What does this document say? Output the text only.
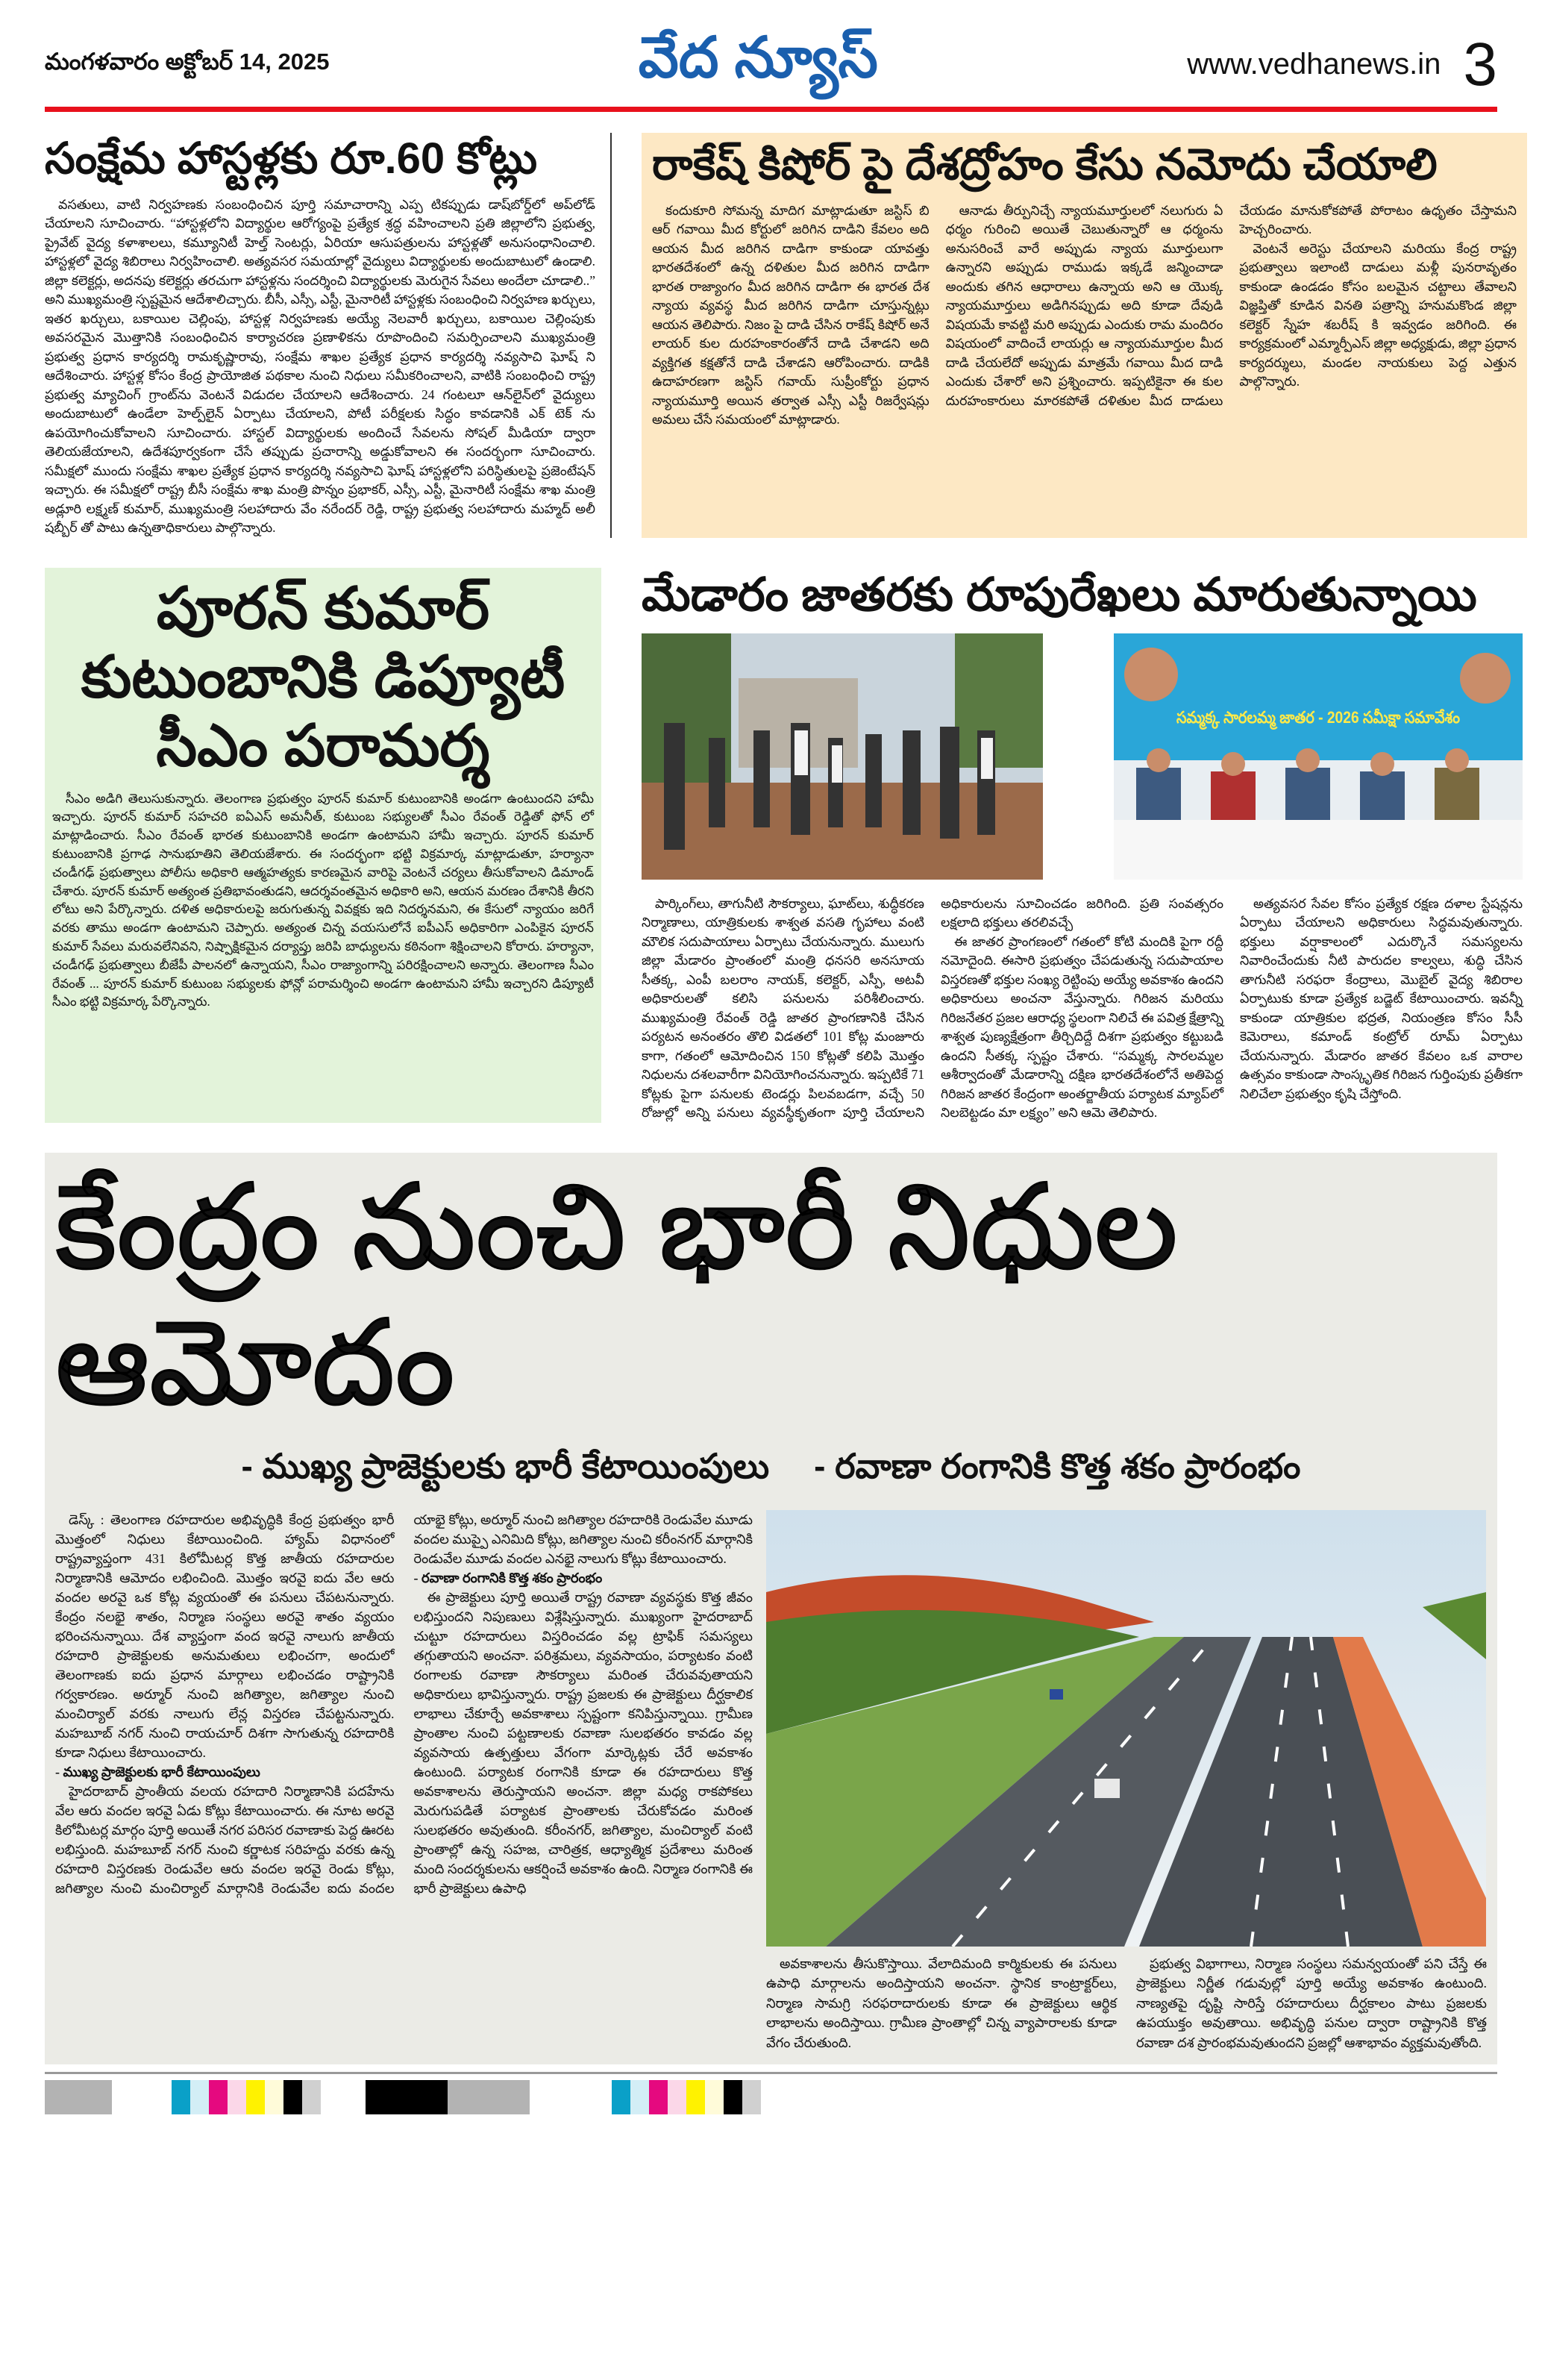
మంగళవారం అక్టోబర్ 14, 2025	వేద న్యూస్	www.vedhanews.in 3
సంక్షేమ హాస్టళ్లకు రూ.60 కోట్లు

వసతులు, వాటి నిర్వహణకు సంబంధించిన పూర్తి సమాచారాన్ని ఎప్ప టికప్పుడు డాష్‌బోర్డ్‌లో అప్‌లోడ్ చేయాలని సూచించారు. “హాస్టళ్లలోని విద్యార్థుల ఆరోగ్యంపై ప్రత్యేక శ్రద్ధ వహించాలని ప్రతి జిల్లాలోని ప్రభుత్వ, ప్రైవేట్ వైద్య కళాశాలలు, కమ్యూనిటీ హెల్త్ సెంటర్లు, ఏరియా ఆసుపత్రులను హాస్టళ్లతో అనుసంధానించాలి. హాస్టళ్లలో వైద్య శిబిరాలు నిర్వహించాలి. అత్యవసర సమయాల్లో వైద్యులు విద్యార్థులకు అందుబాటులో ఉండాలి. జిల్లా కలెక్టర్లు, అదనపు కలెక్టర్లు తరచుగా హాస్టళ్లను సందర్శించి విద్యార్థులకు మెరుగైన సేవలు అందేలా చూడాలి..” అని ముఖ్యమంత్రి స్పష్టమైన ఆదేశాలిచ్చారు. బీసీ, ఎస్సీ, ఎస్టీ, మైనారిటీ హాస్టళ్లకు సంబంధించి నిర్వహణ ఖర్చులు, ఇతర ఖర్చులు, బకాయిల చెల్లింపు, హాస్టళ్ల నిర్వహణకు అయ్యే నెలవారీ ఖర్చులు, బకాయిల చెల్లింపుకు అవసరమైన మొత్తానికి సంబంధించిన కార్యాచరణ ప్రణాళికను రూపొందించి సమర్పించాలని ముఖ్యమంత్రి ప్రభుత్వ ప్రధాన కార్యదర్శి రామకృష్ణారావు, సంక్షేమ శాఖల ప్రత్యేక ప్రధాన కార్యదర్శి నవ్యసాచి ఘోష్ ని ఆదేశించారు. హాస్టళ్ల కోసం కేంద్ర ప్రాయోజిత పథకాల నుంచి నిధులు సమీకరించాలని, వాటికి సంబంధించి రాష్ట్ర ప్రభుత్వ మ్యాచింగ్ గ్రాంట్‌ను వెంటనే విడుదల చేయాలని ఆదేశించారు. 24 గంటలూ ఆన్‌లైన్‌లో వైద్యులు అందుబాటులో ఉండేలా హెల్ప్‌లైన్ ఏర్పాటు చేయాలని, పోటీ పరీక్షలకు సిద్ధం కావడానికి ఎక్ టెక్ ను ఉపయోగించుకోవాలని సూచించారు. హాస్టల్ విద్యార్థులకు అందించే సేవలను సోషల్ మీడియా ద్వారా తెలియజేయాలని, ఉదేశపూర్వకంగా చేసే తప్పుడు ప్రచారాన్ని అడ్డుకోవాలని ఈ సందర్భంగా సూచించారు. సమీక్షలో ముందు సంక్షేమ శాఖల ప్రత్యేక ప్రధాన కార్యదర్శి నవ్యసాచి ఘోష్ హాస్టళ్లలోని పరిస్థితులపై ప్రజెంటేషన్ ఇచ్చారు. ఈ సమీక్షలో రాష్ట్ర బీసీ సంక్షేమ శాఖ మంత్రి పొన్నం ప్రభాకర్, ఎస్సీ, ఎస్టీ, మైనారిటీ సంక్షేమ శాఖ మంత్రి అడ్లూరి లక్ష్మణ్ కుమార్, ముఖ్యమంత్రి సలహాదారు వేం నరేందర్ రెడ్డి, రాష్ట్ర ప్రభుత్వ సలహాదారు మహ్మద్ అలీ షబ్బీర్ తో పాటు ఉన్నతాధికారులు పాల్గొన్నారు.

రాకేష్ కిషోర్ పై దేశద్రోహం కేసు నమోదు చేయాలి

కందుకూరి సోమన్న మాదిగ మాట్లాడుతూ జస్టిస్ బి ఆర్ గవాయి మీద కోర్టులో జరిగిన దాడిని కేవలం అది ఆయన మీద జరిగిన దాడిగా కాకుండా యావత్తు భారతదేశంలో ఉన్న దళితుల మీద జరిగిన దాడిగా భారత రాజ్యాంగం మీద జరిగిన దాడిగా ఈ భారత దేశ న్యాయ వ్యవస్థ మీద జరిగిన దాడిగా చూస్తున్నట్లు ఆయన తెలిపారు. నిజం పై దాడి చేసిన రాకేష్ కిషోర్ అనే లాయర్ కుల దురహంకారంతోనే దాడి చేశాడని అది వ్యక్తిగత కక్షతోనే దాడి చేశాడని ఆరోపించారు. దాడికి ఉదాహరణగా జస్టిస్ గవాయ్ సుప్రీంకోర్టు ప్రధాన న్యాయమూర్తి అయిన తర్వాత ఎస్సీ ఎస్టీ రిజర్వేషన్లు అమలు చేసే సమయంలో మాట్లాడారు.

ఆనాడు తీర్పునిచ్చే న్యాయమూర్తులలో నలుగురు ఏ ధర్మం గురించి అయితే చెబుతున్నారో ఆ ధర్మంను అనుసరించే వారే అప్పుడు న్యాయ మూర్తులుగా ఉన్నారని అప్పుడు రాముడు ఇక్కడే జన్మించాడా అందుకు తగిన ఆధారాలు ఉన్నాయ అని ఆ యొక్క న్యాయమూర్తులు అడిగినప్పుడు అది కూడా దేవుడి విషయమే కావట్టి మరి అప్పుడు ఎందుకు రామ మందిరం విషయంలో వాదించే లాయర్లు ఆ న్యాయమూర్తుల మీద దాడి చేయలేదో అప్పుడు మాత్రమే గవాయి మీద దాడి ఎందుకు చేశారో అని ప్రశ్నించారు. ఇప్పటికైనా ఈ కుల దురహంకారులు మారకపోతే దళితుల మీద దాడులు చేయడం మానుకోకపోతే పోరాటం ఉధృతం చేస్తామని హెచ్చరించారు.

వెంటనే అరెస్టు చేయాలని మరియు కేంద్ర రాష్ట్ర ప్రభుత్వాలు ఇలాంటి దాడులు మళ్లీ పునరావృతం కాకుండా ఉండడం కోసం బలమైన చట్టాలు తేవాలని విజ్ఞప్తితో కూడిన వినతి పత్రాన్ని హనుమకొండ జిల్లా కలెక్టర్ స్నేహ శబరీష్ కి ఇవ్వడం జరిగింది. ఈ కార్యక్రమంలో ఎమ్మార్పీఎస్ జిల్లా అధ్యక్షుడు, జిల్లా ప్రధాన కార్యదర్శులు, మండల నాయకులు పెద్ద ఎత్తున పాల్గొన్నారు.

పూరన్ కుమార్ కుటుంబానికి డిప్యూటీ సీఎం పరామర్శ

సీఎం అడిగి తెలుసుకున్నారు. తెలంగాణ ప్రభుత్వం పూరన్ కుమార్ కుటుంబానికి అండగా ఉంటుందని హామీ ఇచ్చారు. పూరన్ కుమార్ సహచరి ఐఏఎస్ అమనీత్, కుటుంబ సభ్యులతో సీఎం రేవంత్ రెడ్డితో ఫోన్ లో మాట్లాడించారు. సీఎం రేవంత్ భారత కుటుంబానికి అండగా ఉంటామని హామీ ఇచ్చారు. పూరన్ కుమార్ కుటుంబానికి ప్రగాఢ సానుభూతిని తెలియజేశారు. ఈ సందర్భంగా భట్టి విక్రమార్క మాట్లాడుతూ, హర్యానా చండీగఢ్ ప్రభుత్వాలు పోలీసు అధికారి ఆత్మహత్యకు కారణమైన వారిపై వెంటనే చర్యలు తీసుకోవాలని డిమాండ్ చేశారు. పూరన్ కుమార్ అత్యంత ప్రతిభావంతుడని, ఆదర్శవంతమైన అధికారి అని, ఆయన మరణం దేశానికి తీరని లోటు అని పేర్కొన్నారు. దళిత అధికారులపై జరుగుతున్న వివక్షకు ఇది నిదర్శనమని, ఈ కేసులో న్యాయం జరిగే వరకు తాము అండగా ఉంటామని చెప్పారు. అత్యంత చిన్న వయసులోనే ఐపీఎస్ అధికారిగా ఎంపికైన పూరన్ కుమార్ సేవలు మరువలేనివని, నిష్పాక్షికమైన దర్యాప్తు జరిపి బాధ్యులను కఠినంగా శిక్షించాలని కోరారు. హర్యానా, చండీగఢ్ ప్రభుత్వాలు బీజేపీ పాలనలో ఉన్నాయని, సీఎం రాజ్యాంగాన్ని పరిరక్షించాలని అన్నారు. తెలంగాణ సీఎం రేవంత్ ... పూరన్ కుమార్ కుటుంబ సభ్యులకు ఫోన్లో పరామర్శించి అండగా ఉంటామని హామీ ఇచ్చారని డిప్యూటీ సీఎం భట్టి విక్రమార్క పేర్కొన్నారు.

మేడారం జాతరకు రూపురేఖలు మారుతున్నాయి
సమ్మక్క సారలమ్మ జాతర - 2026 సమీక్షా సమావేశం

పార్కింగ్‌లు, తాగునీటి సౌకర్యాలు, ఘాట్‌లు, శుద్ధీకరణ నిర్మాణాలు, యాత్రికులకు శాశ్వత వసతి గృహాలు వంటి మౌలిక సదుపాయాలు ఏర్పాటు చేయనున్నారు. ములుగు జిల్లా మేడారం ప్రాంతంలో మంత్రి ధనసరి అనసూయ సీతక్క, ఎంపీ బలరాం నాయక్, కలెక్టర్, ఎస్పీ, అటవీ అధికారులతో కలిసి పనులను పరిశీలించారు. ముఖ్యమంత్రి రేవంత్ రెడ్డి జాతర ప్రాంగణానికి చేసిన పర్యటన అనంతరం తొలి విడతలో 101 కోట్ల మంజూరు కాగా, గతంలో ఆమోదించిన 150 కోట్లతో కలిపి మొత్తం నిధులను దశలవారీగా వినియోగించనున్నారు. ఇప్పటికే 71 కోట్లకు పైగా పనులకు టెండర్లు పిలవబడగా, వచ్చే 50 రోజుల్లో అన్ని పనులు వ్యవస్థీకృతంగా పూర్తి చేయాలని అధికారులను సూచించడం జరిగింది. ప్రతి సంవత్సరం లక్షలాది భక్తులు తరలివచ్చే

ఈ జాతర ప్రాంగణంలో గతంలో కోటి మందికి పైగా రద్దీ నమోదైంది. ఈసారి ప్రభుత్వం చేపడుతున్న సదుపాయాల విస్తరణతో భక్తుల సంఖ్య రెట్టింపు అయ్యే అవకాశం ఉందని అధికారులు అంచనా వేస్తున్నారు. గిరిజన మరియు గిరిజనేతర ప్రజల ఆరాధ్య స్థలంగా నిలిచే ఈ పవిత్ర క్షేత్రాన్ని శాశ్వత పుణ్యక్షేత్రంగా తీర్చిదిద్దే దిశగా ప్రభుత్వం కట్టుబడి ఉందని సీతక్క స్పష్టం చేశారు. “సమ్మక్క సారలమ్మల ఆశీర్వాదంతో మేడారాన్ని దక్షిణ భారతదేశంలోనే అతిపెద్ద గిరిజన జాతర కేంద్రంగా అంతర్జాతీయ పర్యాటక మ్యాప్‌లో నిలబెట్టడం మా లక్ష్యం” అని ఆమె తెలిపారు.

అత్యవసర సేవల కోసం ప్రత్యేక రక్షణ దళాల స్టేషన్లను ఏర్పాటు చేయాలని అధికారులు సిద్ధమవుతున్నారు. భక్తులు వర్షాకాలంలో ఎదుర్కొనే సమస్యలను నివారించేందుకు నీటి పారుదల కాల్వలు, శుద్ధి చేసిన తాగునీటి సరఫరా కేంద్రాలు, మొబైల్ వైద్య శిబిరాల ఏర్పాటుకు కూడా ప్రత్యేక బడ్జెట్ కేటాయించారు. ఇవన్నీ కాకుండా యాత్రికుల భద్రత, నియంత్రణ కోసం సీసీ కెమెరాలు, కమాండ్ కంట్రోల్ రూమ్ ఏర్పాటు చేయనున్నారు. మేడారం జాతర కేవలం ఒక వారాల ఉత్సవం కాకుండా సాంస్కృతిక గిరిజన గుర్తింపుకు ప్రతీకగా నిలిచేలా ప్రభుత్వం కృషి చేస్తోంది.

కేంద్రం నుంచి భారీ నిధుల ఆమోదం
- ముఖ్య ప్రాజెక్టులకు భారీ కేటాయింపులు - రవాణా రంగానికి కొత్త శకం ప్రారంభం

డెస్క్ : తెలంగాణ రహదారుల అభివృద్ధికి కేంద్ర ప్రభుత్వం భారీ మొత్తంలో నిధులు కేటాయించింది. హ్యామ్ విధానంలో రాష్ట్రవ్యాప్తంగా 431 కిలోమీటర్ల కొత్త జాతీయ రహదారుల నిర్మాణానికి ఆమోదం లభించింది. మొత్తం ఇరవై ఐదు వేల ఆరు వందల అరవై ఒక కోట్ల వ్యయంతో ఈ పనులు చేపటనున్నారు. కేంద్రం నలభై శాతం, నిర్మాణ సంస్థలు అరవై శాతం వ్యయం భరించనున్నాయి. దేశ వ్యాప్తంగా వంద ఇరవై నాలుగు జాతీయ రహదారి ప్రాజెక్టులకు అనుమతులు లభించగా, అందులో తెలంగాణకు ఐదు ప్రధాన మార్గాలు లభించడం రాష్ట్రానికి గర్వకారణం. అర్మూర్ నుంచి జగిత్యాల, జగిత్యాల నుంచి మంచిర్యాల్ వరకు నాలుగు లేన్ల విస్తరణ చేపట్టనున్నారు. మహబూబ్ నగర్ నుంచి రాయచూర్ దిశగా సాగుతున్న రహదారికి కూడా నిధులు కేటాయించారు.

- ముఖ్య ప్రాజెక్టులకు భారీ కేటాయింపులు

హైదరాబాద్ ప్రాంతీయ వలయ రహదారి నిర్మాణానికి పదహేను వేల ఆరు వందల ఇరవై ఏడు కోట్లు కేటాయించారు. ఈ నూట అరవై కిలోమీటర్ల మార్గం పూర్తి అయితే నగర పరిసర రవాణాకు పెద్ద ఊరట లభిస్తుంది. మహబూబ్ నగర్ నుంచి కర్ణాటక సరిహద్దు వరకు ఉన్న రహదారి విస్తరణకు రెండువేల ఆరు వందల ఇరవై రెండు కోట్లు, జగిత్యాల నుంచి మంచిర్యాల్ మార్గానికి రెండువేల ఐదు వందల యాభై కోట్లు, అర్మూర్ నుంచి జగిత్యాల రహదారికి రెండువేల మూడు వందల ముప్పై ఎనిమిది కోట్లు, జగిత్యాల నుంచి కరీంనగర్ మార్గానికి రెండువేల మూడు వందల ఎనభై నాలుగు కోట్లు కేటాయించారు.

- రవాణా రంగానికి కొత్త శకం ప్రారంభం

ఈ ప్రాజెక్టులు పూర్తి అయితే రాష్ట్ర రవాణా వ్యవస్థకు కొత్త జీవం లభిస్తుందని నిపుణులు విశ్లేషిస్తున్నారు. ముఖ్యంగా హైదరాబాద్ చుట్టూ రహదారులు విస్తరించడం వల్ల ట్రాఫిక్ సమస్యలు తగ్గుతాయని అంచనా. పరిశ్రమలు, వ్యవసాయం, పర్యాటకం వంటి రంగాలకు రవాణా సౌకర్యాలు మరింత చేరువవుతాయని అధికారులు భావిస్తున్నారు. రాష్ట్ర ప్రజలకు ఈ ప్రాజెక్టులు దీర్ఘకాలిక లాభాలు చేకూర్చే అవకాశాలు స్పష్టంగా కనిపిస్తున్నాయి. గ్రామీణ ప్రాంతాల నుంచి పట్టణాలకు రవాణా సులభతరం కావడం వల్ల వ్యవసాయ ఉత్పత్తులు వేగంగా మార్కెట్లకు చేరే అవకాశం ఉంటుంది. పర్యాటక రంగానికి కూడా ఈ రహదారులు కొత్త అవకాశాలను తెరుస్తాయని అంచనా. జిల్లా మధ్య రాకపోకలు మెరుగుపడితే పర్యాటక ప్రాంతాలకు చేరుకోవడం మరింత సులభతరం అవుతుంది. కరీంనగర్, జగిత్యాల, మంచిర్యాల్ వంటి ప్రాంతాల్లో ఉన్న సహజ, చారిత్రక, ఆధ్యాత్మిక ప్రదేశాలు మరింత మంది సందర్శకులను ఆకర్షించే అవకాశం ఉంది. నిర్మాణ రంగానికి ఈ భారీ ప్రాజెక్టులు ఉపాధి

అవకాశాలను తీసుకొస్తాయి. వేలాదిమంది కార్మికులకు ఈ పనులు ఉపాధి మార్గాలను అందిస్తాయని అంచనా. స్థానిక కాంట్రాక్టర్‌లు, నిర్మాణ సామగ్రి సరఫరాదారులకు కూడా ఈ ప్రాజెక్టులు ఆర్థిక లాభాలను అందిస్తాయి. గ్రామీణ ప్రాంతాల్లో చిన్న వ్యాపారాలకు కూడా వేగం చేరుతుంది.

ప్రభుత్వ విభాగాలు, నిర్మాణ సంస్థలు సమన్వయంతో పని చేస్తే ఈ ప్రాజెక్టులు నిర్ణీత గడువుల్లో పూర్తి అయ్యే అవకాశం ఉంటుంది. నాణ్యతపై దృష్టి సారిస్తే రహదారులు దీర్ఘకాలం పాటు ప్రజలకు ఉపయుక్తం అవుతాయి. అభివృద్ధి పనుల ద్వారా రాష్ట్రానికి కొత్త రవాణా దశ ప్రారంభమవుతుందని ప్రజల్లో ఆశాభావం వ్యక్తమవుతోంది.
